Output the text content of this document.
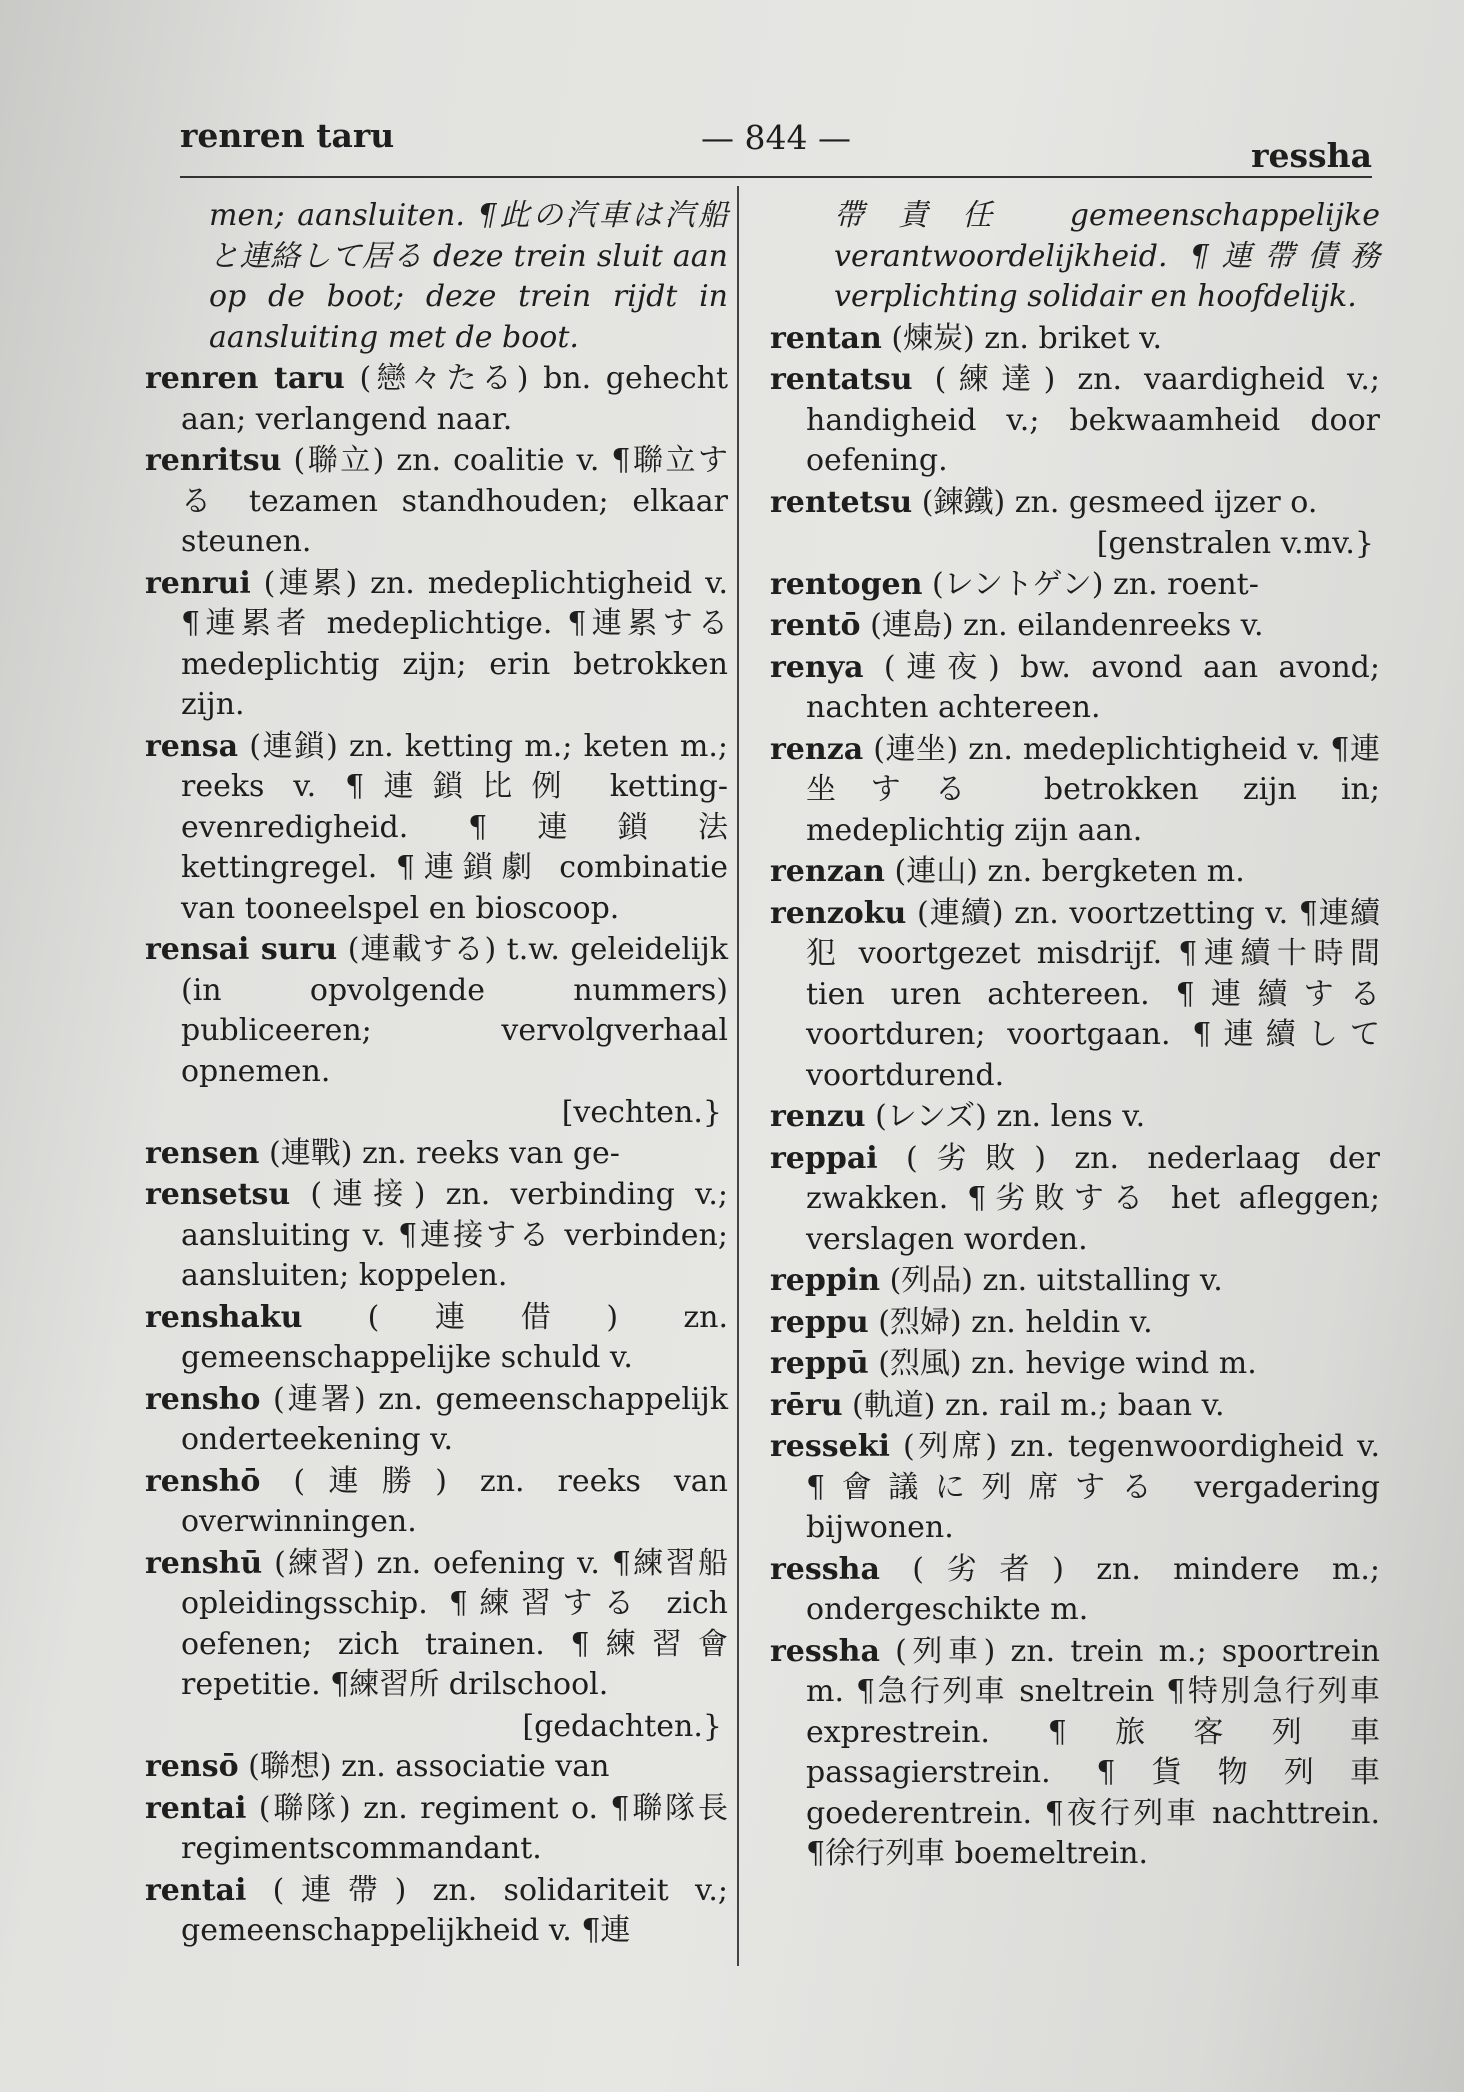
renren taru	— 844 —	ressha
men; aansluiten. ¶此の汽車は汽船と連絡して居る deze trein sluit aan op de boot; deze trein rijdt in aansluiting met de boot.
renren taru (戀々たる) bn. gehecht aan; verlangend naar.
renritsu (聯立) zn. coalitie v. ¶聯立する tezamen standhouden; elkaar steunen.
renrui (連累) zn. medeplichtigheid v. ¶連累者 medeplichtige. ¶連累する medeplichtig zijn; erin betrokken zijn.
rensa (連鎖) zn. ketting m.; keten m.; reeks v. ¶連鎖比例 ketting-evenredigheid. ¶連鎖法 kettingregel. ¶連鎖劇 combinatie van tooneelspel en bioscoop.
rensai suru (連載する) t.w. geleidelijk (in opvolgende nummers) publiceeren; vervolgverhaal opnemen.
[vechten.}
rensen (連戰) zn. reeks van ge-
rensetsu (連接) zn. verbinding v.; aansluiting v. ¶連接する verbinden; aansluiten; koppelen.
renshaku (連借) zn. gemeenschappelijke schuld v.
rensho (連署) zn. gemeenschappelijk onderteekening v.
renshō (連勝) zn. reeks van overwinningen.
renshū (練習) zn. oefening v. ¶練習船 opleidingsschip. ¶練習する zich oefenen; zich trainen. ¶練習會 repetitie. ¶練習所 drilschool.
[gedachten.}
rensō (聯想) zn. associatie van
rentai (聯隊) zn. regiment o. ¶聯隊長 regimentscommandant.
rentai (連帶) zn. solidariteit v.; gemeenschappelijkheid v. ¶連
帶責任 gemeenschappelijke verantwoordelijkheid. ¶連帶債務 verplichting solidair en hoofdelijk.
rentan (煉炭) zn. briket v.
rentatsu (練達) zn. vaardigheid v.; handigheid v.; bekwaamheid door oefening.
rentetsu (鍊鐵) zn. gesmeed ijzer o.
[genstralen v.mv.}
rentogen (レントゲン) zn. roent-
rentō (連島) zn. eilandenreeks v.
renya (連夜) bw. avond aan avond; nachten achtereen.
renza (連坐) zn. medeplichtigheid v. ¶連坐する betrokken zijn in; medeplichtig zijn aan.
renzan (連山) zn. bergketen m.
renzoku (連續) zn. voortzetting v. ¶連續犯 voortgezet misdrijf. ¶連續十時間 tien uren achtereen. ¶連續する voortduren; voortgaan. ¶連續して voortdurend.
renzu (レンズ) zn. lens v.
reppai (劣敗) zn. nederlaag der zwakken. ¶劣敗する het afleggen; verslagen worden.
reppin (列品) zn. uitstalling v.
reppu (烈婦) zn. heldin v.
reppū (烈風) zn. hevige wind m.
rēru (軌道) zn. rail m.; baan v.
resseki (列席) zn. tegenwoordigheid v. ¶會議に列席する vergadering bijwonen.
ressha (劣者) zn. mindere m.; ondergeschikte m.
ressha (列車) zn. trein m.; spoortrein m. ¶急行列車 sneltrein ¶特別急行列車 exprestrein. ¶旅客列車 passagierstrein. ¶貨物列車 goederentrein. ¶夜行列車 nachttrein. ¶徐行列車 boemeltrein.
